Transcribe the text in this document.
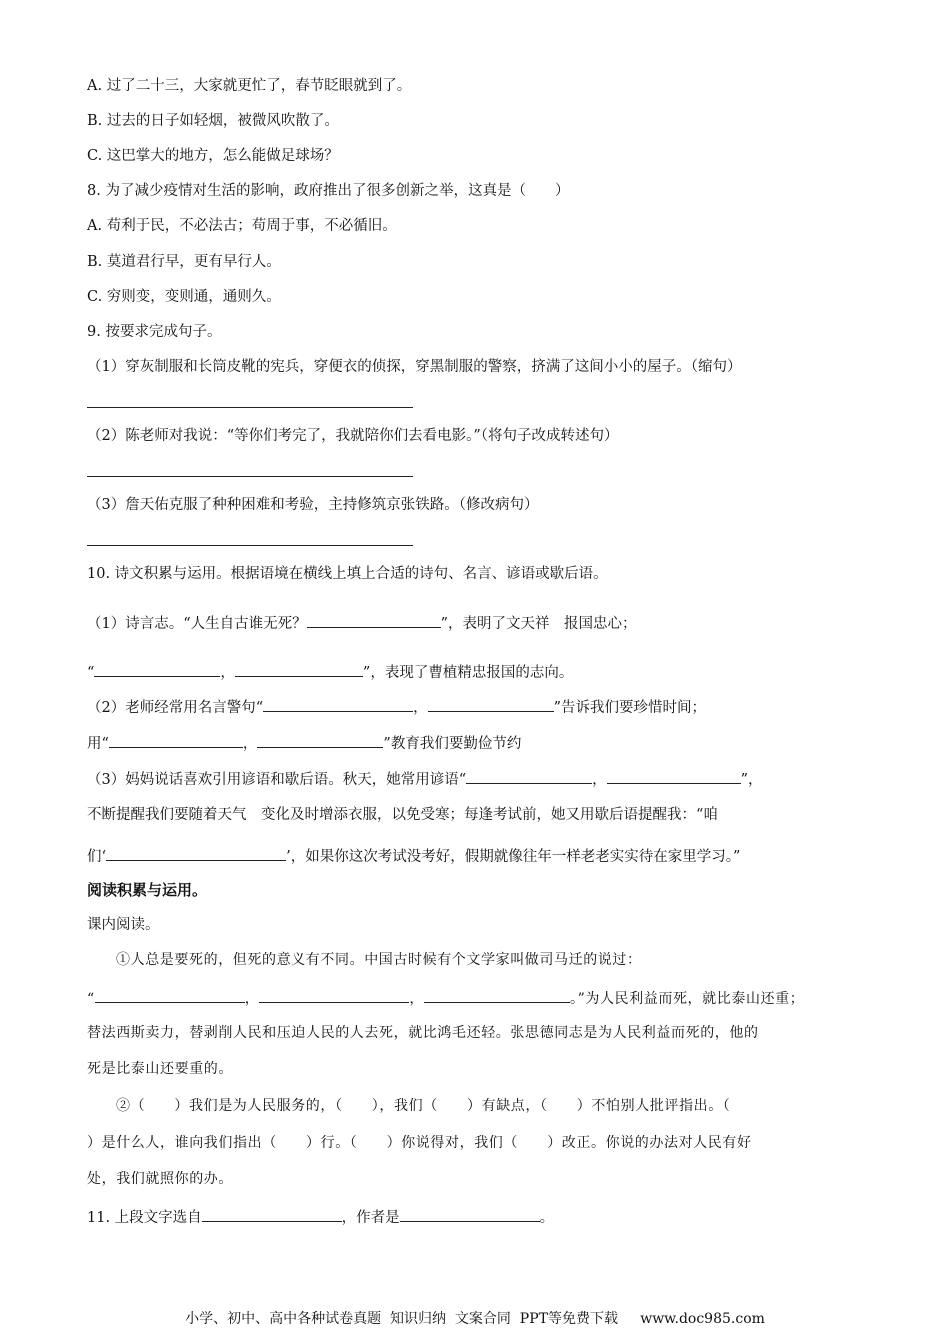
A. 过了二十三，大家就更忙了，春节眨眼就到了。
B. 过去的日子如轻烟，被微风吹散了。
C. 这巴掌大的地方，怎么能做足球场？
8. 为了减少疫情对生活的影响，政府推出了很多创新之举，这真是（　　）
A. 苟利于民，不必法古；苟周于事，不必循旧。
B. 莫道君行早，更有早行人。
C. 穷则变，变则通，通则久。
9. 按要求完成句子。
（1）穿灰制服和长筒皮靴的宪兵，穿便衣的侦探，穿黑制服的警察，挤满了这间小小的屋子。（缩句）
（2）陈老师对我说：“等你们考完了，我就陪你们去看电影。”（将句子改成转述句）
（3）詹天佑克服了种种困难和考验，主持修筑京张铁路。（修改病句）
10. 诗文积累与运用。根据语境在横线上填上合适的诗句、名言、谚语或歇后语。
（1）诗言志。“人生自古谁无死？	”，表明了文天祥　报国忠心；
“	，	”，表现了曹植精忠报国的志向。
（2）老师经常用名言警句“	，	”告诉我们要珍惜时间；
用“	，	”教育我们要勤俭节约
（3）妈妈说话喜欢引用谚语和歇后语。秋天，她常用谚语“	，	”，
不断提醒我们要随着天气　变化及时增添衣服，以免受寒；每逢考试前，她又用歇后语提醒我：“咱
们‘	’，如果你这次考试没考好，假期就像往年一样老老实实待在家里学习。”
阅读积累与运用。
课内阅读。
①人总是要死的，但死的意义有不同。中国古时候有个文学家叫做司马迁的说过：
“	，	，	。”为人民利益而死，就比泰山还重；
替法西斯卖力，替剥削人民和压迫人民的人去死，就比鸿毛还轻。张思德同志是为人民利益而死的，他的
死是比泰山还要重的。
②（　　）我们是为人民服务的，（　　），我们（　　）有缺点，（　　）不怕别人批评指出。（
）是什么人，谁向我们指出（　　）行。（　　）你说得对，我们（　　）改正。你说的办法对人民有好
处，我们就照你的办。
11. 上段文字选自	，作者是	。
小学、初中、高中各种试卷真题  知识归纳  文案合同  PPT等免费下载     www.doc985.com
